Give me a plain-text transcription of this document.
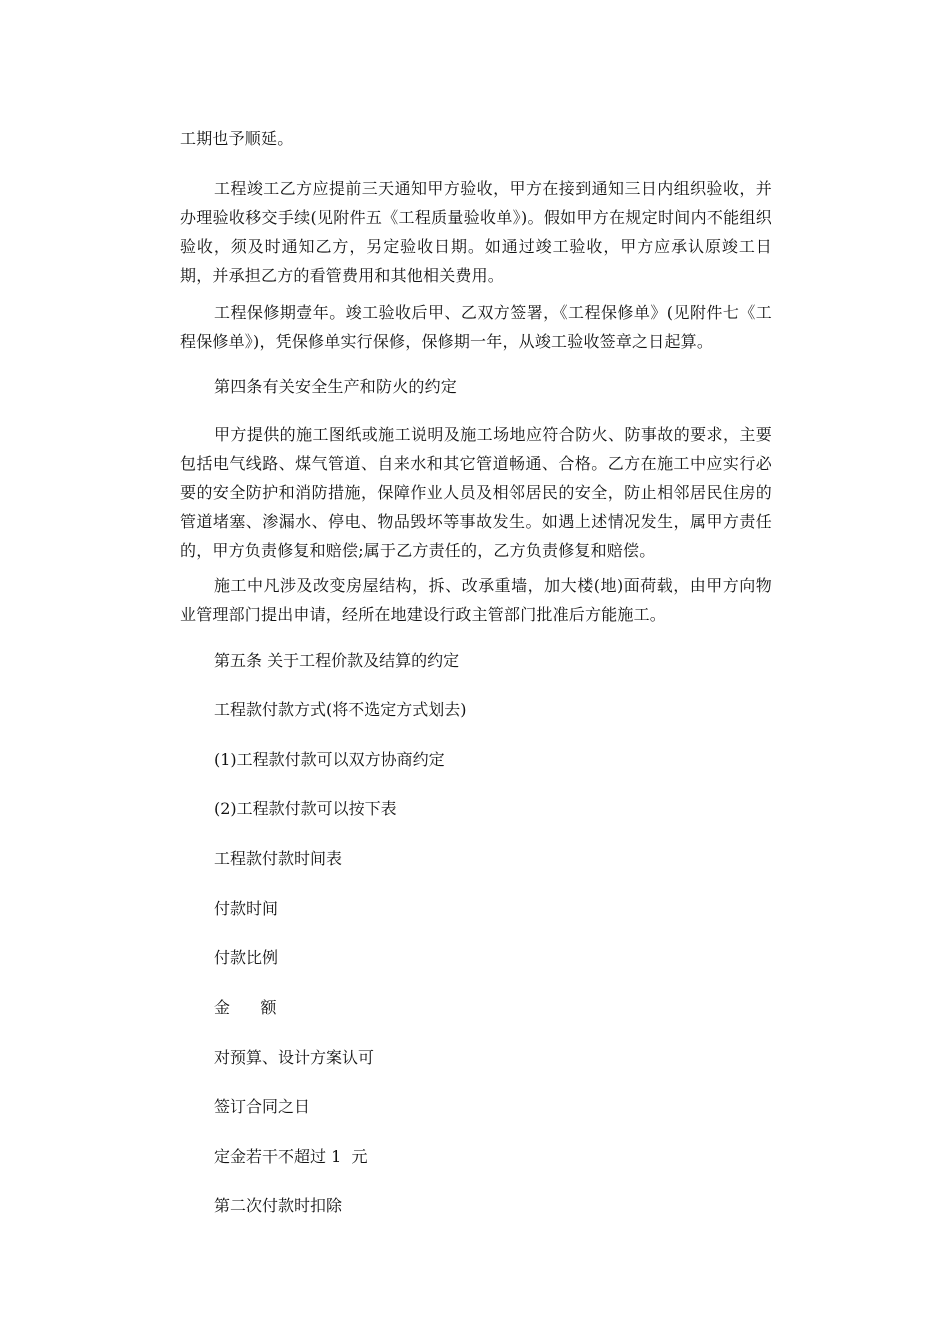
工期也予顺延。
工程竣工乙方应提前三天通知甲方验收，甲方在接到通知三日内组织验收，并办理验收移交手续(见附件五《工程质量验收单》)。假如甲方在规定时间内不能组织验收，须及时通知乙方，另定验收日期。如通过竣工验收，甲方应承认原竣工日期，并承担乙方的看管费用和其他相关费用。
工程保修期壹年。竣工验收后甲、乙双方签署，《工程保修单》(见附件七《工程保修单》)，凭保修单实行保修，保修期一年，从竣工验收签章之日起算。
第四条有关安全生产和防火的约定
甲方提供的施工图纸或施工说明及施工场地应符合防火、防事故的要求，主要包括电气线路、煤气管道、自来水和其它管道畅通、合格。乙方在施工中应实行必要的安全防护和消防措施，保障作业人员及相邻居民的安全，防止相邻居民住房的管道堵塞、渗漏水、停电、物品毁坏等事故发生。如遇上述情况发生，属甲方责任的，甲方负责修复和赔偿;属于乙方责任的，乙方负责修复和赔偿。
施工中凡涉及改变房屋结构，拆、改承重墙，加大楼(地)面荷载，由甲方向物业管理部门提出申请，经所在地建设行政主管部门批准后方能施工。
第五条 关于工程价款及结算的约定
工程款付款方式(将不选定方式划去)
(1)工程款付款可以双方协商约定
(2)工程款付款可以按下表
工程款付款时间表
付款时间
付款比例
金      额
对预算、设计方案认可
签订合同之日
定金若干不超过 1  元
第二次付款时扣除
